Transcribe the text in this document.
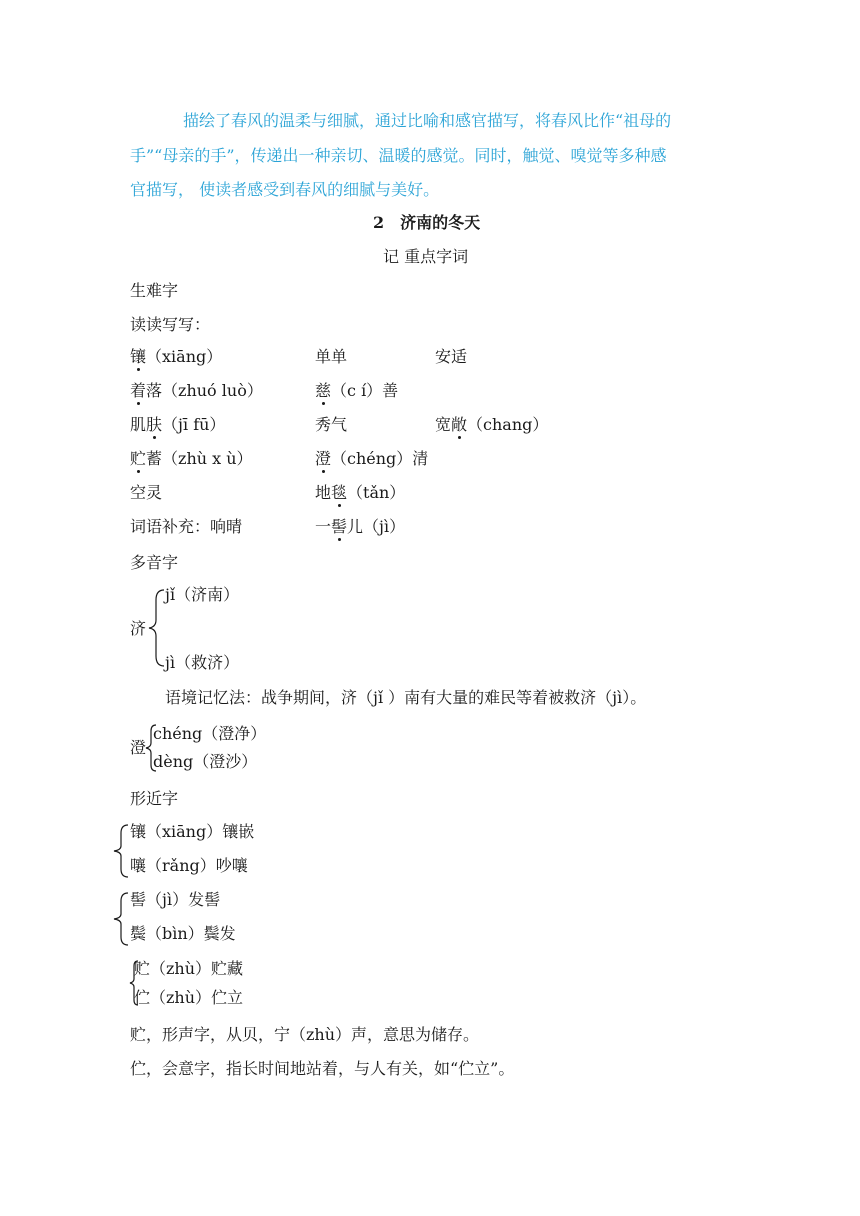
描绘了春风的温柔与细腻，通过比喻和感官描写，将春风比作“祖母的
手”“母亲的手”，传递出一种亲切、温暖的感觉。同时，触觉、嗅觉等多种感
官描写， 使读者感受到春风的细腻与美好。
2　济南的冬天
记 重点字词
生难字
读读写写：
镶（xiāng）	单单	安适
着落（zhuó luò）	慈（c í）善
肌肤（jī fū）	秀气	宽敞（chang）
贮蓄（zhù x ù）	澄（chéng）清
空灵	地毯（tǎn）
词语补充：响晴	一髻儿（jì）
多音字
济
jǐ（济南）
jì（救济）
语境记忆法：战争期间，济（jǐ ）南有大量的难民等着被救济（jì）。
澄
chéng（澄净）
dèng（澄沙）
形近字
镶（xiāng）镶嵌
嚷（rǎng）吵嚷
髻（jì）发髻
鬓（bìn）鬓发
贮（zhù）贮藏
伫（zhù）伫立
贮，形声字，从贝，宁（zhù）声，意思为储存。
伫，会意字，指长时间地站着，与人有关，如“伫立”。
